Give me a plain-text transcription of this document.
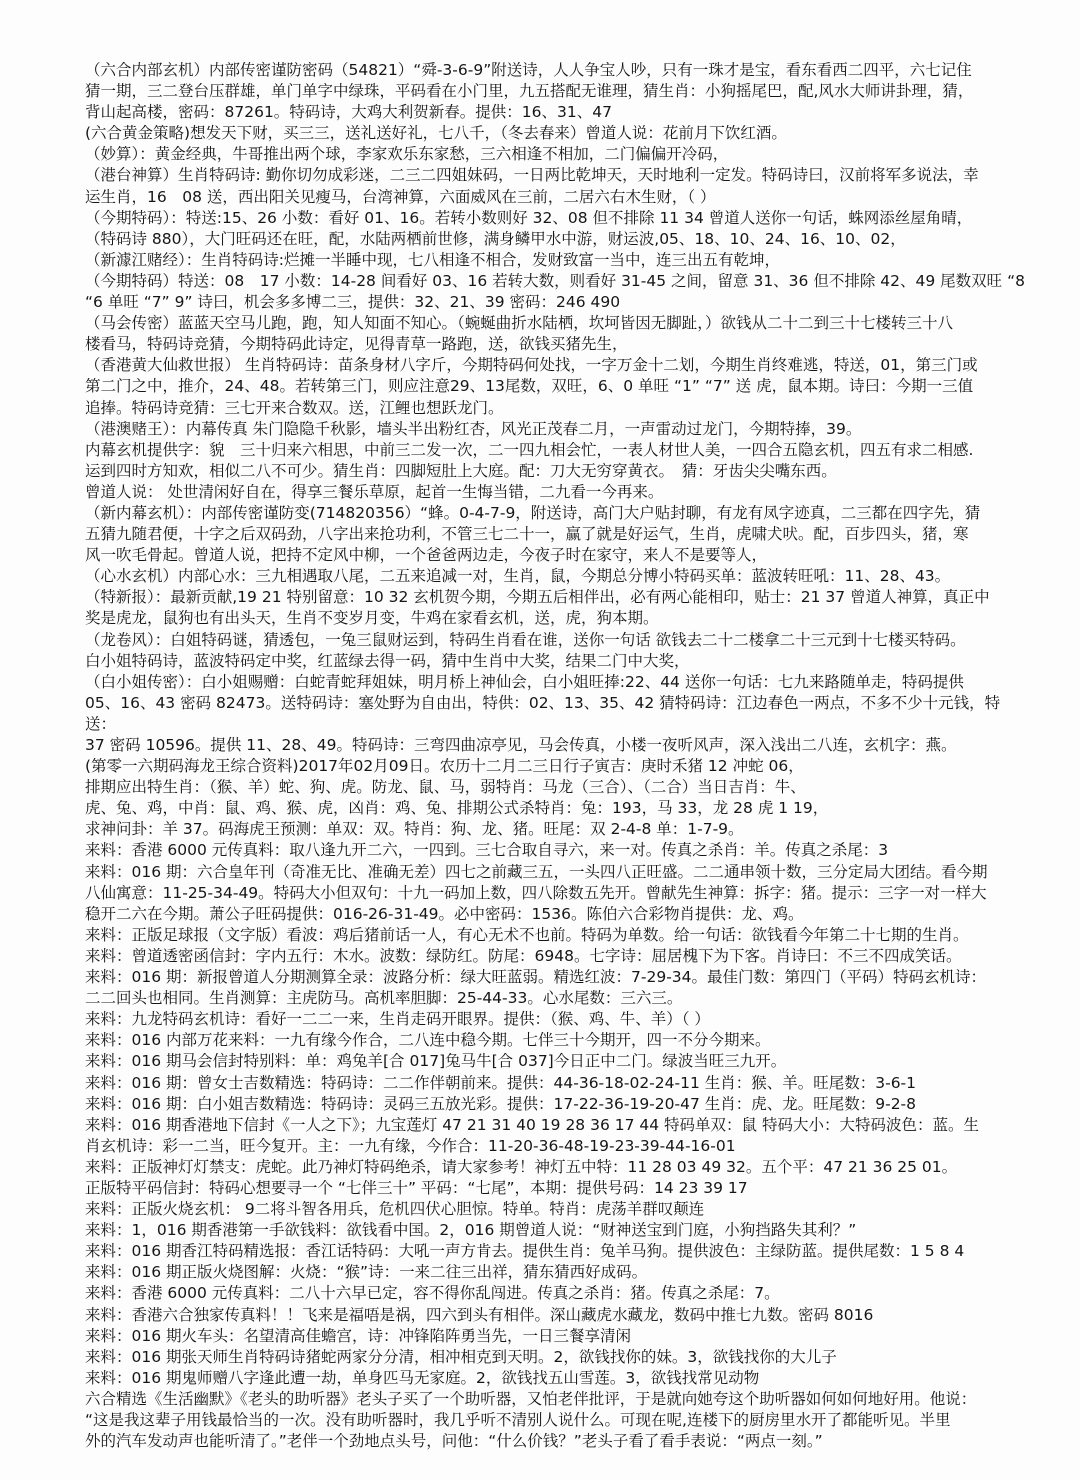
（六合内部玄机）内部传密谨防密码（54821）“舜-3-6-9”附送诗，人人争宝人吵，只有一珠才是宝，看东看西二四平，六七记住
猜一期，三二登台压群雄，单门单字中绿珠，平码看在小门里，九五搭配无谁理，猜生肖：小狗摇尾巴，配,风水大师讲卦理，猜，
背山起高楼，密码：87261。特码诗，大鸡大利贺新春。提供：16、31、47
(六合黄金策略)想发天下财，买三三，送礼送好礼，七八千，（冬去春来）曾道人说：花前月下饮红酒。
（妙算）：黄金经典，牛哥推出两个球，李家欢乐东家愁，三六相逢不相加，二门偏偏开冷码，
（港台神算）生肖特码诗: 勤你切勿成彩迷，二三二四姐妹码，一日两比乾坤天，天时地利一定发。特码诗曰，汉前将军多说法，幸
运生肖，16　08 送，西出阳关见瘦马，台湾神算，六面威风在三前，二居六右木生财，（ ）
（今期特码）：特送:15、26 小数：看好 01、16。若转小数则好 32、08 但不排除 11 34 曾道人送你一句话，蛛网添丝屋角晴，
（特码诗 880），大门旺码还在旺，配，水陆两栖前世修，满身鳞甲水中游，财运波,05、18、10、24、16、10、02，
（新澽江赌经）：生肖特码诗:烂摊一半睡中现，七八相逢不相合，发财致富一当中，连三出五有乾坤，
（今期特码）特送：08　17 小数：14-28 间看好 03、16 若转大数，则看好 31-45 之间，留意 31、36 但不排除 42、49 尾数双旺 “8
“6 单旺 “7” 9” 诗曰，机会多多博二三，提供：32、21、39 密码：246 490
（马会传密）蓝蓝天空马儿跑，跑，知人知面不知心。（蜿蜒曲折水陆栖，坎坷皆因无脚趾，）欲钱从二十二到三十七楼转三十八
楼看马，特码诗竞猜，今期特码此诗定，见得青草一路跑，送，欲钱买猪先生，
（香港黄大仙救世报） 生肖特码诗：苗条身材八字斤，今期特码何处找，一字万金十二划，今期生肖终难逃，特送，01，第三门或
第二门之中，推介，24、48。若转第三门，则应注意29、13尾数，双旺，6、0 单旺 “1” “7” 送 虎，鼠本期。诗曰：今期一三值
追捧。特码诗竞猜：三七开来合数双。送，江鲤也想跃龙门。
（港澳赌王）：内幕传真 朱门隐隐千秋影，墙头半出粉红杏，风光正茂春二月，一声雷动过龙门，今期特捧，39。
内幕玄机提供字：貌　三十归来六相思，中前三二发一次，二一四九相会忙，一表人材世人美，一四合五隐玄机，四五有求二相感.
运到四时方知欢，相似二八不可少。猜生肖：四脚短肚上大庭。配：刀大无穷穿黄衣。　猜：牙齿尖尖嘴东西。
曾道人说： 处世清闲好自在，得享三餐乐草原，起首一生悔当错，二九看一今再来。
（新内幕玄机）：内部传密谨防变(714820356）“蜂。0-4-7-9，附送诗，高门大户贴封聊，有龙有凤字迹真，二三都在四字先，猜
五猜九随君便，十字之后双码劲，八字出来抢功利，不管三七二十一，赢了就是好运气，生肖，虎啸犬吠。配，百步四头，猪，寒
风一吹毛骨起。曾道人说，把持不定风中柳，一个爸爸两边走，今夜子时在家守，来人不是要等人，
（心水玄机）内部心水：三九相遇取八尾，二五来追减一对，生肖，鼠，今期总分博小特码买单：蓝波转旺吼：11、28、43。
（特新报）：最新贡献,19 21 特别留意：10 32 玄机贺今期，今期五后相伴出，必有两心能相印，贴士：21 37 曾道人神算，真正中
奖是虎龙，鼠狗也有出头天，生肖不变岁月变，牛鸡在家看玄机，送，虎，狗本期。
（龙卷风）：白姐特码谜，猜透包，一兔三鼠财运到，特码生肖看在谁，送你一句话 欲钱去二十二楼拿二十三元到十七楼买特码。
白小姐特码诗，蓝波特码定中奖，红蓝绿去得一码，猜中生肖中大奖，结果二门中大奖，
（白小姐传密）：白小姐赐赠：白蛇青蛇拜姐妹，明月桥上神仙会，白小姐旺捧:22、44 送你一句话：七九来路随单走，特码提供
05、16、43 密码 82473。送特码诗：塞处野为自由出，特供：02、13、35、42 猜特码诗：江边春色一两点，不多不少十元钱，特送：
37 密码 10596。提供 11、28、49。特码诗：三弯四曲凉亭见，马会传真，小楼一夜听风声，深入浅出二八连，玄机字：燕。
(第零一六期码海龙王综合资料)2017年02月09日。农历十二月二三日行子寅吉：庚时禾猪 12 冲蛇 06，
排期应出特生肖：（猴、羊）蛇、狗、虎。防龙、鼠、马，弱特肖：马龙（三合）、（二合）当日吉肖：牛、
虎、兔、鸡，中肖：鼠、鸡、猴、虎，凶肖：鸡、兔、排期公式杀特肖：兔：193，马 33，龙 28 虎 1 19，
求神问卦：羊 37。码海虎王预测：单双：双。特肖：狗、龙、猪。旺尾：双 2-4-8 单：1-7-9。
来料：香港 6000 元传真料：取八逢九开二六，一四到。三七合取自寻六，来一对。传真之杀肖：羊。传真之杀尾：3
来料：016 期：六合皇年刊（奇准无比、准确无差）四七之前藏三五，一头四八正旺盛。二二通串领十数，三分定局大团结。看今期
八仙寓意：11-25-34-49。特码大小但双句：十九一码加上数，四八除数五先开。曾献先生神算：拆字：猪。提示：三字一对一样大
稳开二六在今期。萧公子旺码提供：016-26-31-49。必中密码：1536。陈伯六合彩物肖提供：龙、鸡。
来料：正版足球报（文字版）看波：鸡后猪前话一人，有心无术不也前。特码为单数。给一句话：欲钱看今年第二十七期的生肖。
来料：曾道透密函信封：字内五行：木水。波数：绿防红。防尾：6948。七字诗：屈居槐下为下客。肖诗曰：不三不四成笑话。
来料：016 期：新报曾道人分期测算全录：波路分析：绿大旺蓝弱。精选红波：7-29-34。最佳门数：第四门（平码）特码玄机诗：
二二回头也相同。生肖测算：主虎防马。高机率胆脚：25-44-33。心水尾数：三六三。
来料：九龙特码玄机诗：看好一二二一来，生肖走码开眼界。提供：（猴、鸡、牛、羊）（ ）
来料：016 内部万花来料：一九有缘今作合，二八连中稳今期。七伴三十今期开，四一不分今期来。
来料：016 期马会信封特别料：单：鸡兔羊[合 017]兔马牛[合 037]今日正中二门。绿波当旺三九开。
来料：016 期：曾女士吉数精选：特码诗：二二作伴朝前来。提供：44-36-18-02-24-11 生肖：猴、羊。旺尾数：3-6-1
来料：016 期：白小姐吉数精选：特码诗：灵码三五放光彩。提供：17-22-36-19-20-47 生肖：虎、龙。旺尾数：9-2-8
来料：016 期香港地下信封《一人之下》；九宝莲灯 47 21 31 40 19 28 36 17 44 特码单双：鼠 特码大小：大特码波色：蓝。生
肖玄机诗：彩一二当，旺今复开。主：一九有缘，今作合：11-20-36-48-19-23-39-44-16-01
来料：正版神灯灯禁支：虎蛇。此乃神灯特码绝杀，请大家参考！神灯五中特：11 28 03 49 32。五个平：47 21 36 25 01。
正版特平码信封：特码心想要寻一个 “七伴三十” 平码：“七尾”，本期：提供号码：14 23 39 17
来料：正版火烧玄机： 9二将斗智各用兵，危机四伏心胆惊。特单。特肖：虎荡羊群叹颠连
来料：1，016 期香港第一手欲钱料：欲钱看中国。2，016 期曾道人说：“财神送宝到门庭，小狗挡路失其利？”
来料：016 期香江特码精选报：香江话特码：大吼一声方肯去。提供生肖：兔羊马狗。提供波色：主绿防蓝。提供尾数：1 5 8 4
来料：016 期正版火烧图解：火烧：“猴”诗：一来二往三出祥，猜东猜西好成码。
来料：香港 6000 元传真料：二八十六早已定，容不得你乱闯进。传真之杀肖：猪。传真之杀尾：7。
来料：香港六合独家传真料！！飞来是福唔是祸，四六到头有相伴。深山藏虎水藏龙，数码中推七九数。密码 8016
来料：016 期火车头：名望清高佳蟾宫，诗：冲锋陷阵勇当先，一日三餐享清闲
来料：016 期张天师生肖特码诗猪蛇两家分分清，相冲相克到天明。2，欲钱找你的妹。3，欲钱找你的大儿子
来料：016 期鬼师赠八字逢此遭一劫，单身匹马无家庭。2，欲钱找五山雪莲。3，欲钱找常见动物
六合精选《生活幽默》《老头的助听器》老头子买了一个助听器，又怕老伴批评，于是就向她夸这个助听器如何如何地好用。他说：
“这是我这辈子用钱最恰当的一次。没有助听器时，我几乎听不清别人说什么。可现在呢,连楼下的厨房里水开了都能听见。半里
外的汽车发动声也能听清了。”老伴一个劲地点头号，问他：“什么价钱？”老头子看了看手表说：“两点一刻。”
